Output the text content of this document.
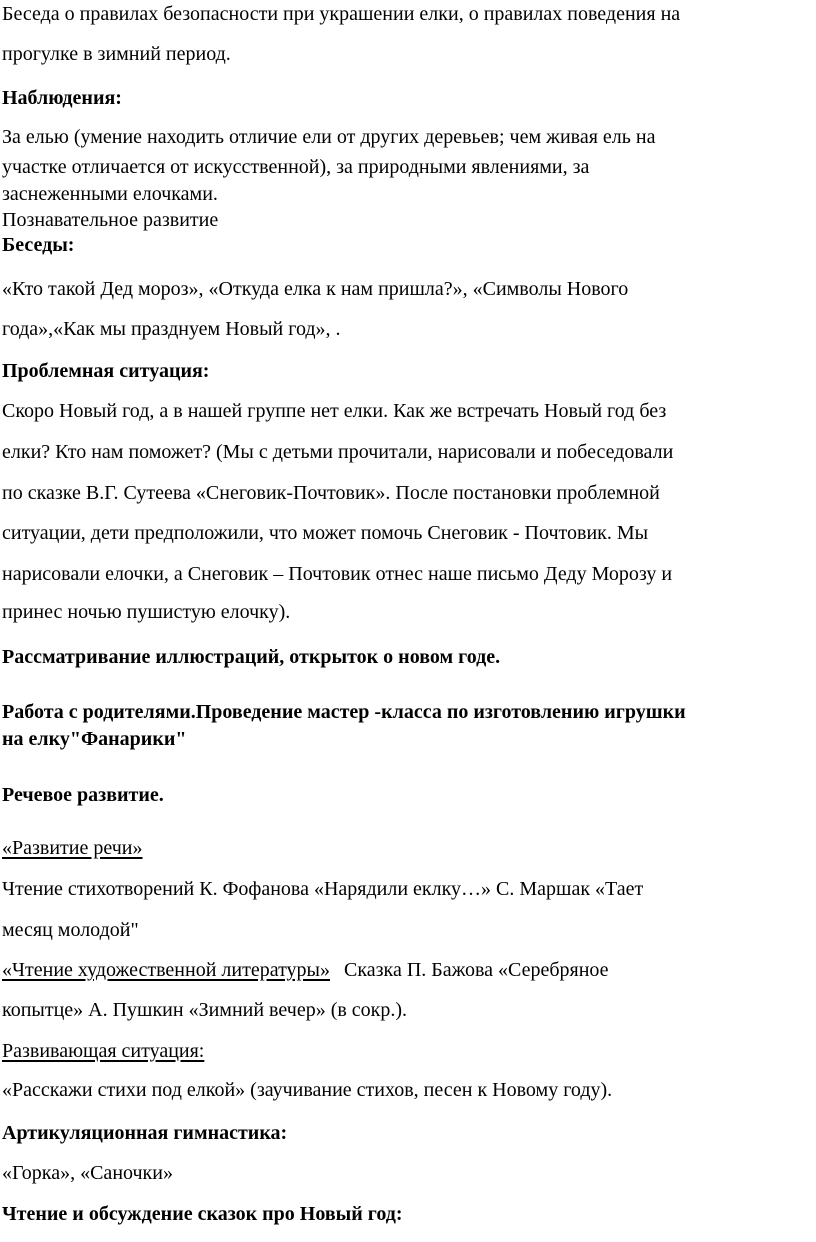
Беседа о правилах безопасности при украшении елки, о правилах поведения на

прогулке в зимний период.

Наблюдения:

За елью (умение находить отличие ели от других деревьев; чем живая ель на

участке отличается от искусственной), за природными явлениями, за

заснеженными елочками.

Познавательное развитие

Беседы:

«Кто такой Дед мороз», «Откуда елка к нам пришла?», «Символы Нового

года»,«Как мы празднуем Новый год», .

Проблемная ситуация:

Скоро Новый год, а в нашей группе нет елки. Как же встречать Новый год без

елки? Кто нам поможет? (Мы с детьми прочитали, нарисовали и побеседовали

по сказке В.Г. Сутеева «Снеговик-Почтовик». После постановки проблемной

ситуации, дети предположили, что может помочь Снеговик - Почтовик. Мы

нарисовали елочки, а Снеговик – Почтовик отнес наше письмо Деду Морозу и

принес ночью пушистую елочку).

Рассматривание иллюстраций, открыток о новом годе.

Работа с родителями.Проведение мастер -класса по изготовлению игрушки

на елку"Фанарики"

Речевое развитие.

«Развитие речи»

Чтение стихотворений К. Фофанова «Нарядили еклку…» С. Маршак «Тает

месяц молодой"

«Чтение художественной литературы» Сказка П. Бажова «Серебряное

копытце» А. Пушкин «Зимний вечер» (в сокр.).

Развивающая ситуация:

«Расскажи стихи под елкой» (заучивание стихов, песен к Новому году).

Артикуляционная гимнастика:

«Горка», «Саночки»

Чтение и обсуждение сказок про Новый год:
